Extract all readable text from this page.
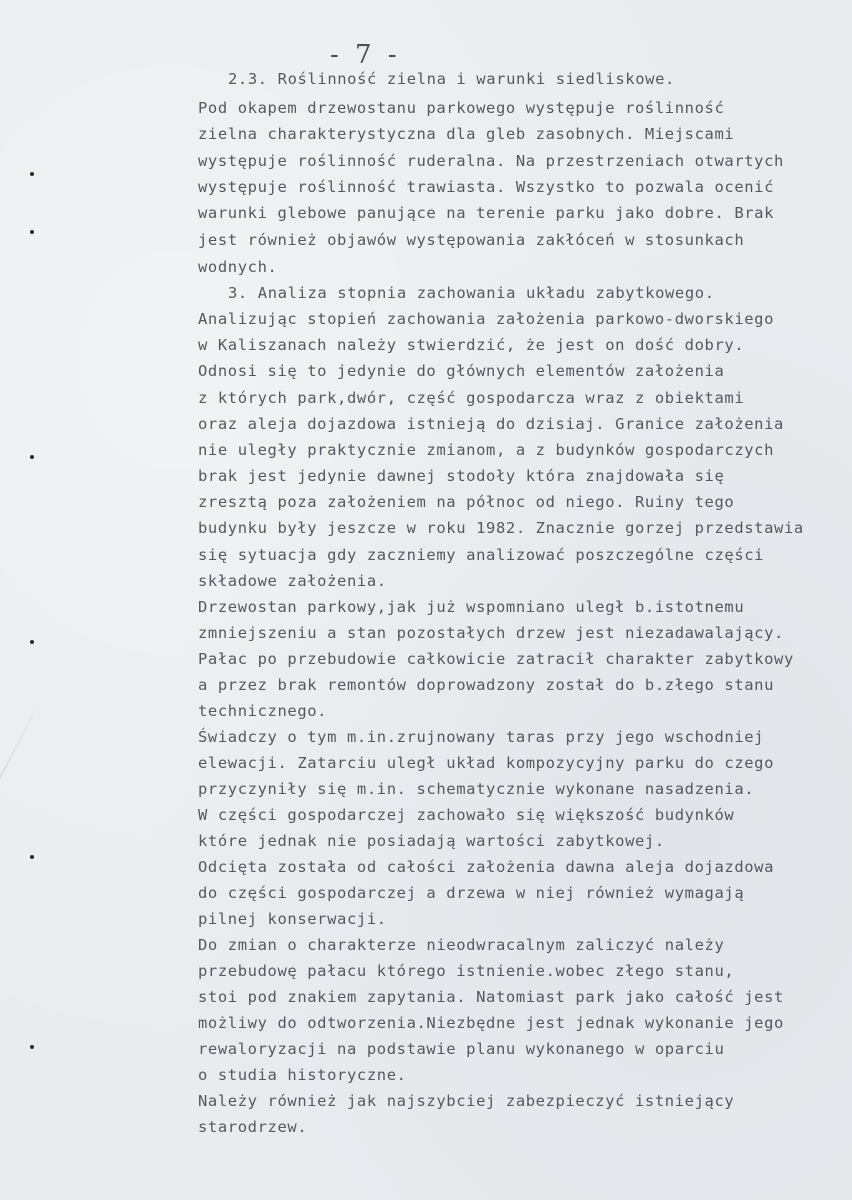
- 7 -
2.3. Roślinność zielna i warunki siedliskowe.
Pod okapem drzewostanu parkowego występuje roślinność
zielna charakterystyczna dla gleb zasobnych. Miejscami
występuje roślinność ruderalna. Na przestrzeniach otwartych
występuje roślinność trawiasta. Wszystko to pozwala ocenić
warunki glebowe panujące na terenie parku jako dobre. Brak
jest również objawów występowania zakłóceń w stosunkach
wodnych.
3. Analiza stopnia zachowania układu zabytkowego.
Analizując stopień zachowania założenia parkowo-dworskiego
w Kaliszanach należy stwierdzić, że jest on dość dobry.
Odnosi się to jedynie do głównych elementów założenia
z których park,dwór, część gospodarcza wraz z obiektami
oraz aleja dojazdowa istnieją do dzisiaj. Granice założenia
nie uległy praktycznie zmianom, a z budynków gospodarczych
brak jest jedynie dawnej stodoły która znajdowała się
zresztą poza założeniem na północ od niego. Ruiny tego
budynku były jeszcze w roku 1982. Znacznie gorzej przedstawia
się sytuacja gdy zaczniemy analizować poszczególne części
składowe założenia.
Drzewostan parkowy,jak już wspomniano uległ b.istotnemu
zmniejszeniu a stan pozostałych drzew jest niezadawalający.
Pałac po przebudowie całkowicie zatracił charakter zabytkowy
a przez brak remontów doprowadzony został do b.złego stanu
technicznego.
Świadczy o tym m.in.zrujnowany taras przy jego wschodniej
elewacji. Zatarciu uległ układ kompozycyjny parku do czego
przyczyniły się m.in. schematycznie wykonane nasadzenia.
W części gospodarczej zachowało się większość budynków
które jednak nie posiadają wartości zabytkowej.
Odcięta została od całości założenia dawna aleja dojazdowa
do części gospodarczej a drzewa w niej również wymagają
pilnej konserwacji.
Do zmian o charakterze nieodwracalnym zaliczyć należy
przebudowę pałacu którego istnienie.wobec złego stanu,
stoi pod znakiem zapytania. Natomiast park jako całość jest
możliwy do odtworzenia.Niezbędne jest jednak wykonanie jego
rewaloryzacji na podstawie planu wykonanego w oparciu
o studia historyczne.
Należy również jak najszybciej zabezpieczyć istniejący
starodrzew.
